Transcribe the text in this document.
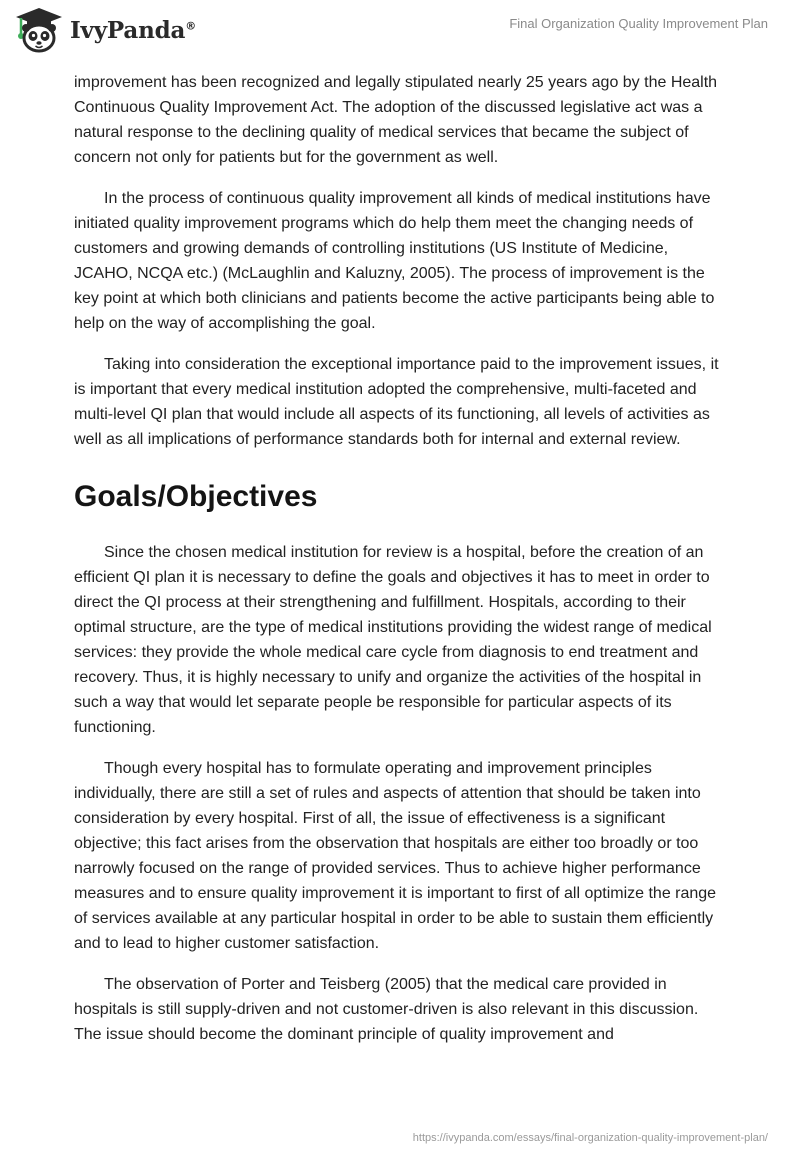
IvyPanda®	Final Organization Quality Improvement Plan

improvement has been recognized and legally stipulated nearly 25 years ago by the Health Continuous Quality Improvement Act. The adoption of the discussed legislative act was a natural response to the declining quality of medical services that became the subject of concern not only for patients but for the government as well.

In the process of continuous quality improvement all kinds of medical institutions have initiated quality improvement programs which do help them meet the changing needs of customers and growing demands of controlling institutions (US Institute of Medicine, JCAHO, NCQA etc.) (McLaughlin and Kaluzny, 2005). The process of improvement is the key point at which both clinicians and patients become the active participants being able to help on the way of accomplishing the goal.

Taking into consideration the exceptional importance paid to the improvement issues, it is important that every medical institution adopted the comprehensive, multi-faceted and multi-level QI plan that would include all aspects of its functioning, all levels of activities as well as all implications of performance standards both for internal and external review.

Goals/Objectives

Since the chosen medical institution for review is a hospital, before the creation of an efficient QI plan it is necessary to define the goals and objectives it has to meet in order to direct the QI process at their strengthening and fulfillment. Hospitals, according to their optimal structure, are the type of medical institutions providing the widest range of medical services: they provide the whole medical care cycle from diagnosis to end treatment and recovery. Thus, it is highly necessary to unify and organize the activities of the hospital in such a way that would let separate people be responsible for particular aspects of its functioning.

Though every hospital has to formulate operating and improvement principles individually, there are still a set of rules and aspects of attention that should be taken into consideration by every hospital. First of all, the issue of effectiveness is a significant objective; this fact arises from the observation that hospitals are either too broadly or too narrowly focused on the range of provided services. Thus to achieve higher performance measures and to ensure quality improvement it is important to first of all optimize the range of services available at any particular hospital in order to be able to sustain them efficiently and to lead to higher customer satisfaction.

The observation of Porter and Teisberg (2005) that the medical care provided in hospitals is still supply-driven and not customer-driven is also relevant in this discussion. The issue should become the dominant principle of quality improvement and

https://ivypanda.com/essays/final-organization-quality-improvement-plan/
